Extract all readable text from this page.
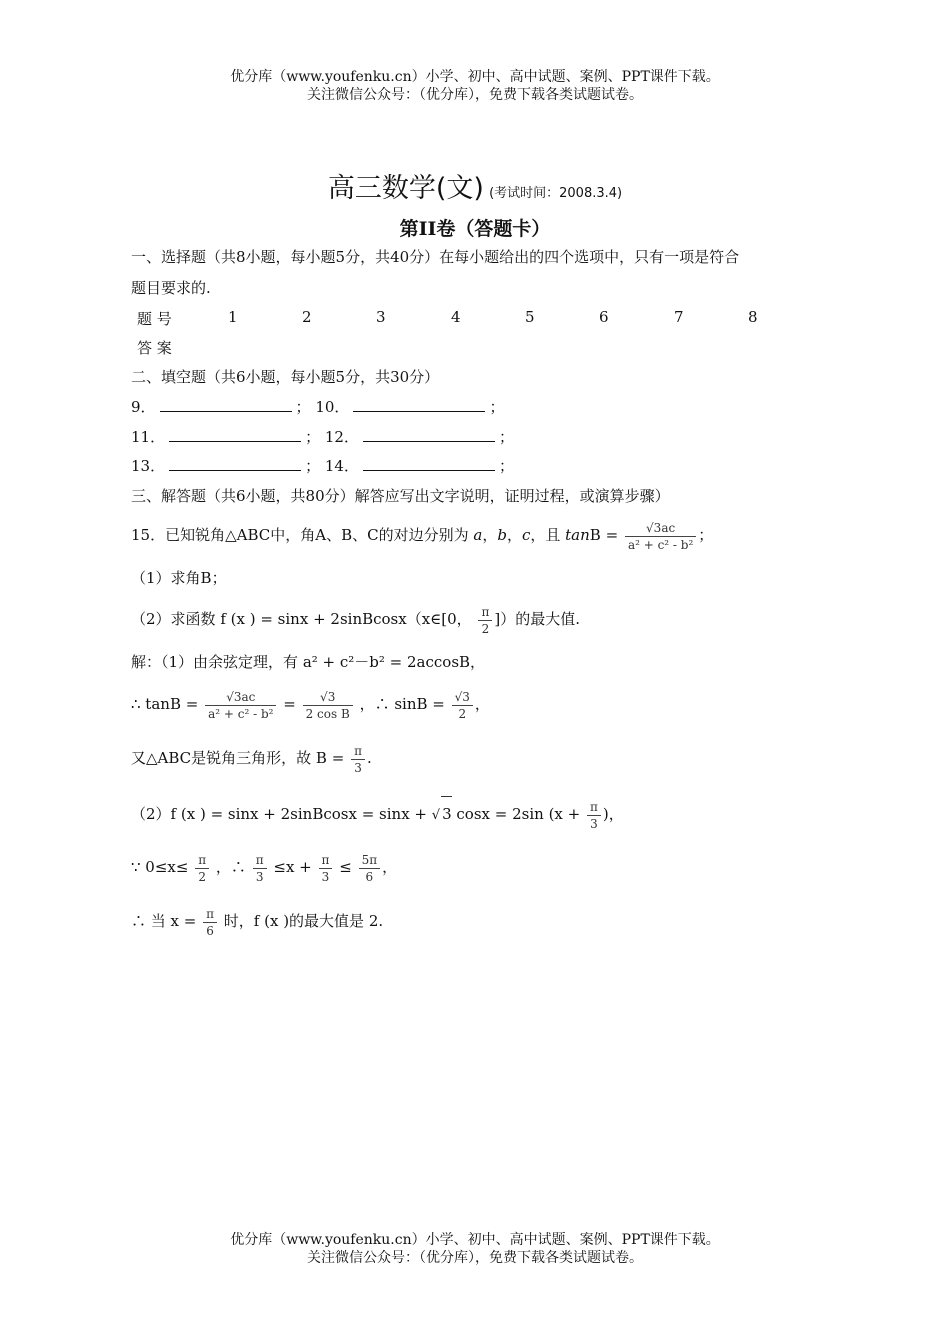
优分库（www.youfenku.cn）小学、初中、高中试题、案例、PPT课件下载。
关注微信公众号：（优分库），免费下载各类试题试卷。
高三数学(文) (考试时间：2008.3.4)
第II卷（答题卡）
一、选择题（共8小题，每小题5分，共40分）在每小题给出的四个选项中，只有一项是符合
题目要求的.
题 号	1	2	3	4	5	6	7	8
答 案
二、填空题（共6小题，每小题5分，共30分）
9．	； 10．	；
11．	； 12．	；
13．	； 14．	；
三、解答题（共6小题，共80分）解答应写出文字说明，证明过程，或演算步骤）
15．已知锐角△ABC中，角A、B、C的对边分别为 a，b，c，且 $\tan B = \frac{√3ac}{\text{a² + c² - b²}}$ ；
（1）求角B；
（2）求函数 f (x ) = sinx + 2sinBcosx（x∈[0， $\frac{\pi}{2}$ ]）的最大值.
解：（1）由余弦定理，有 a² + c²－b² = 2accosB，
∴ $\tan B = \frac{√3ac}{\text{a² + c² - b²}} = \frac{√3}{\text{2 cos B}}$ ，∴ $\sin B = \frac{√3}{2}$ ，
又△ABC是锐角三角形，故 $B = \frac{\pi}{3}$ .
（2）f (x ) = sinx + 2sinBcosx = sinx + √ 3 cosx = 2sin ($x + \frac{\pi}{3}$ )，
∵ $0\le x\le \frac{\pi}{2}$ ，∴ $\frac{\pi}{3} \le x + \frac{\pi}{3} \le \frac{5\pi}{6}$ ，
∴ 当 $x = \frac{\pi}{6}$ 时，f (x )的最大值是 2.
优分库（www.youfenku.cn）小学、初中、高中试题、案例、PPT课件下载。
关注微信公众号：（优分库），免费下载各类试题试卷。
